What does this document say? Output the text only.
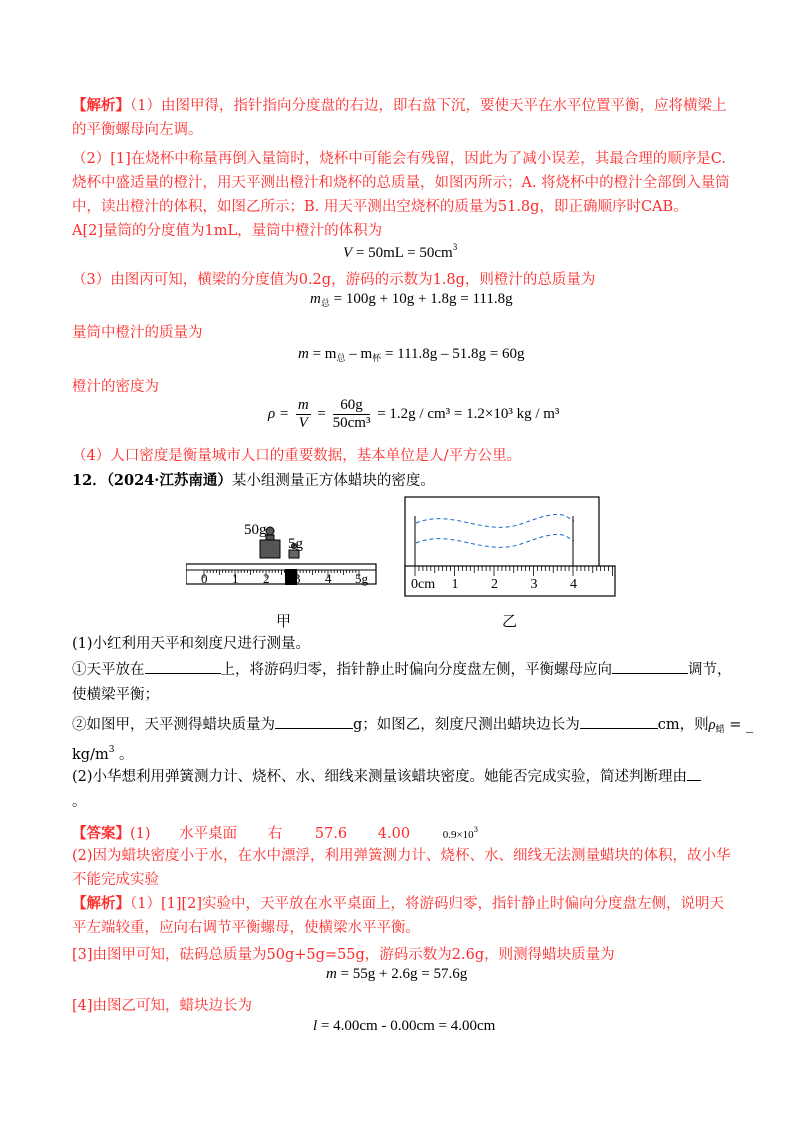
【解析】（1）由图甲得，指针指向分度盘的右边，即右盘下沉，要使天平在水平位置平衡，应将横梁上
的平衡螺母向左调。
（2）[1]在烧杯中称量再倒入量筒时，烧杯中可能会有残留，因此为了减小误差，其最合理的顺序是C.
烧杯中盛适量的橙汁，用天平测出橙汁和烧杯的总质量，如图丙所示；A. 将烧杯中的橙汁全部倒入量筒
中，读出橙汁的体积，如图乙所示；B. 用天平测出空烧杯的质量为51.8g，即正确顺序时CAB。
A[2]量筒的分度值为1mL，量筒中橙汁的体积为
$V = 50mL = 50cm^3$
（3）由图丙可知，横梁的分度值为0.2g，游码的示数为1.8g，则橙汁的总质量为
$m_总 = 100g + 10g + 1.8g = 111.8g$
量筒中橙汁的质量为
$m = m_总 - m_杯 = 111.8g - 51.8g = 60g$
橙汁的密度为
$\rho = \frac{m}{V} = \frac{60g}{\text{50cm³}} = 1.2g / cm^3 = 1.2\times 10^3$ kg / m³
（4）人口密度是衡量城市人口的重要数据，基本单位是人/平方公里。
12．（2024·江苏南通）某小组测量正方体蜡块的密度。
50g
5g
0 1 2 3 4 5g
甲
0cm 1 2 3 4
乙
(1)小红利用天平和刻度尺进行测量。
①天平放在	上，将游码归零，指针静止时偏向分度盘左侧，平衡螺母应向	调节，
使横梁平衡；
②如图甲，天平测得蜡块质量为	g；如图乙，刻度尺测出蜡块边长为	cm，则$\rho_蜡$ = _
$kg/m^3$ 。
(2)小华想利用弹簧测力计、烧杯、水、细线来测量该蜡块密度。她能否完成实验，简述判断理由
。
【答案】(1) 水平桌面 右 57.6 4.00	$0.9\times 10^3$
(2)因为蜡块密度小于水，在水中漂浮，利用弹簧测力计、烧杯、水、细线无法测量蜡块的体积，故小华
不能完成实验
【解析】（1）[1][2]实验中，天平放在水平桌面上，将游码归零，指针静止时偏向分度盘左侧，说明天
平左端较重，应向右调节平衡螺母，使横梁水平平衡。
[3]由图甲可知，砝码总质量为50g+5g=55g，游码示数为2.6g，则测得蜡块质量为
m = 55g + 2.6g = 57.6g
[4]由图乙可知，蜡块边长为
l = 4.00cm - 0.00cm = 4.00cm
